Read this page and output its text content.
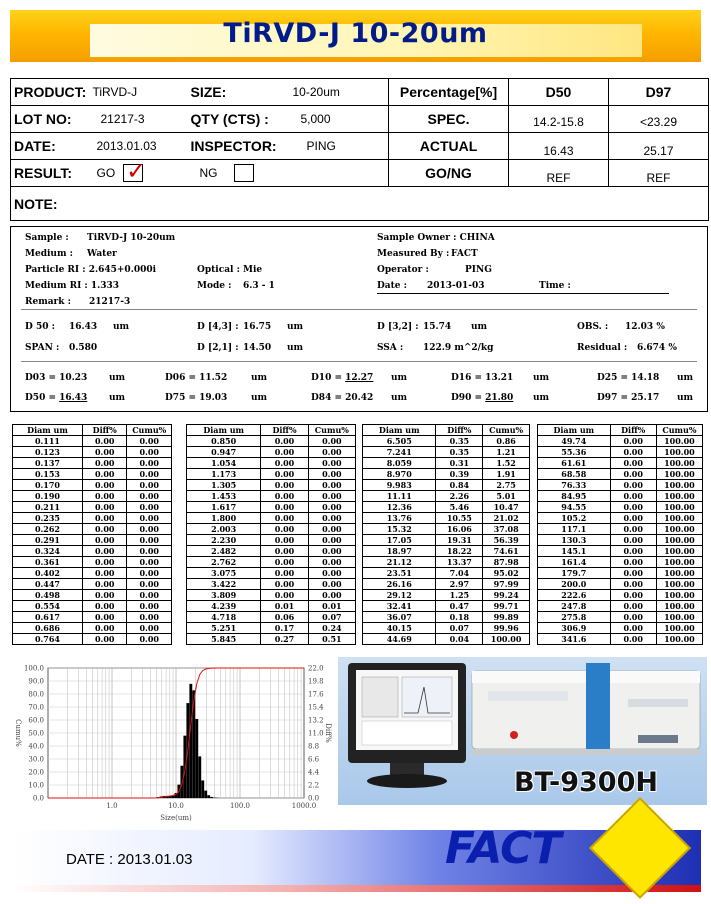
TiRVD-J 10-20um
PRODUCT:	TiRVD-J	SIZE:	10-20um	Percentage[%]	D50	D97
LOT NO:	21217-3	QTY (CTS) :	5,000	SPEC.	14.2-15.8	<23.29
DATE:	2013.01.03	INSPECTOR:	PING	ACTUAL	16.43	25.17
RESULT:	GO ✓	NG		GO/NG	REF	REF
NOTE:						
Sample : TiRVD-J 10-20um	Sample Owner : CHINA
Medium : Water	Measured By : FACT
Particle RI : 2.645+0.000i	Optical : Mie	Operator :	PING
Medium RI : 1.333	Mode : 6.3 - 1	Date : 2013-01-03	Time :
Remark : 21217-3
D 50 : 16.43 um	D [4,3] : 16.75 um	D [3,2] : 15.74 um	OBS. : 12.03 %
SPAN : 0.580	D [2,1] : 14.50 um	SSA : 122.9 m^2/kg	Residual : 6.674 %
D03 = 10.23 um	D06 = 11.52	um	D10 = 12.27 um	D16 = 13.21 um	D25 = 14.18 um
D50 = 16.43 um	D75 = 19.03	um	D84 = 20.42 um	D90 = 21.80 um	D97 = 25.17 um
Diam um	Diff%	Cumu%
0.111	0.00	0.00
0.123	0.00	0.00
0.137	0.00	0.00
0.153	0.00	0.00
0.170	0.00	0.00
0.190	0.00	0.00
0.211	0.00	0.00
0.235	0.00	0.00
0.262	0.00	0.00
0.291	0.00	0.00
0.324	0.00	0.00
0.361	0.00	0.00
0.402	0.00	0.00
0.447	0.00	0.00
0.498	0.00	0.00
0.554	0.00	0.00
0.617	0.00	0.00
0.686	0.00	0.00
0.764	0.00	0.00
Diam um	Diff%	Cumu%
0.850	0.00	0.00
0.947	0.00	0.00
1.054	0.00	0.00
1.173	0.00	0.00
1.305	0.00	0.00
1.453	0.00	0.00
1.617	0.00	0.00
1.800	0.00	0.00
2.003	0.00	0.00
2.230	0.00	0.00
2.482	0.00	0.00
2.762	0.00	0.00
3.075	0.00	0.00
3.422	0.00	0.00
3.809	0.00	0.00
4.239	0.01	0.01
4.718	0.06	0.07
5.251	0.17	0.24
5.845	0.27	0.51
Diam um	Diff%	Cumu%
6.505	0.35	0.86
7.241	0.35	1.21
8.059	0.31	1.52
8.970	0.39	1.91
9.983	0.84	2.75
11.11	2.26	5.01
12.36	5.46	10.47
13.76	10.55	21.02
15.32	16.06	37.08
17.05	19.31	56.39
18.97	18.22	74.61
21.12	13.37	87.98
23.51	7.04	95.02
26.16	2.97	97.99
29.12	1.25	99.24
32.41	0.47	99.71
36.07	0.18	99.89
40.15	0.07	99.96
44.69	0.04	100.00
Diam um	Diff%	Cumu%
49.74	0.00	100.00
55.36	0.00	100.00
61.61	0.00	100.00
68.58	0.00	100.00
76.33	0.00	100.00
84.95	0.00	100.00
94.55	0.00	100.00
105.2	0.00	100.00
117.1	0.00	100.00
130.3	0.00	100.00
145.1	0.00	100.00
161.4	0.00	100.00
179.7	0.00	100.00
200.0	0.00	100.00
222.6	0.00	100.00
247.8	0.00	100.00
275.8	0.00	100.00
306.9	0.00	100.00
341.6	0.00	100.00
0.0
10.0
20.0
30.0
40.0
50.0
60.0
70.0
80.0
90.0
100.0
0.0
2.2
4.4
6.6
8.8
11.0
13.2
15.4
17.6
19.8
22.0
1.0	10.0	100.0	1000.0
Size(um)
Cumu%	Diff%
BT-9300H
DATE : 2013.01.03	FACT
